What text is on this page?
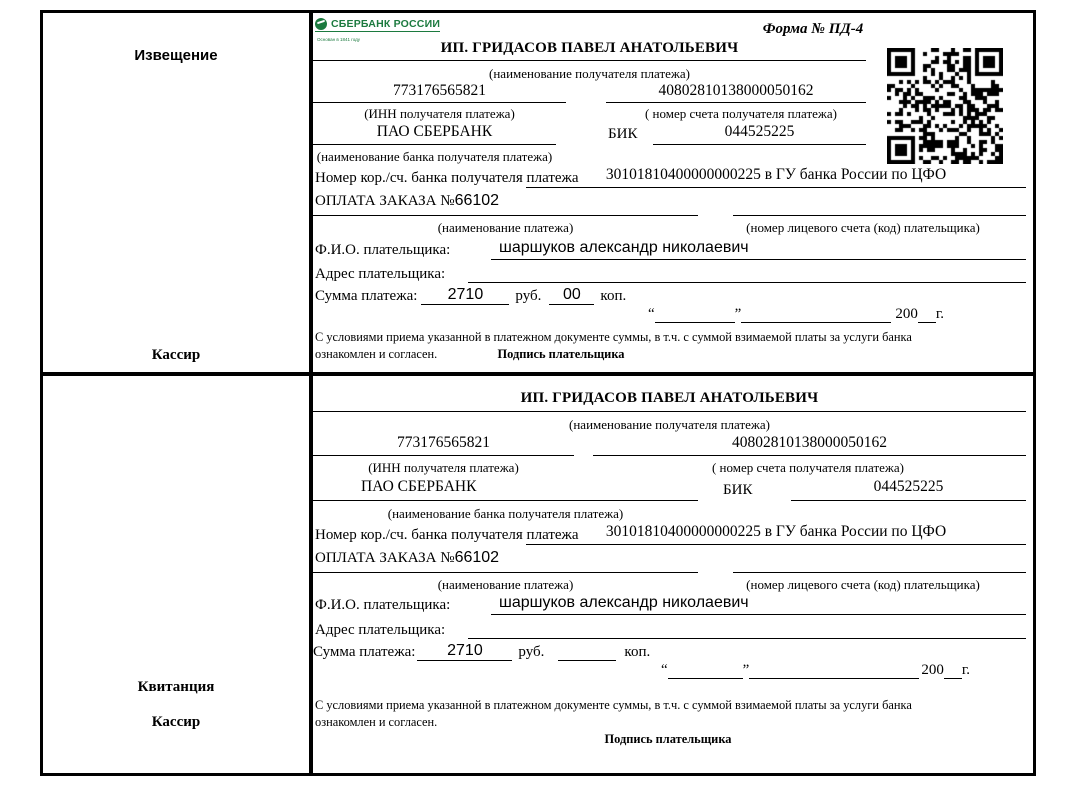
Извещение
Кассир
СБЕРБАНК РОССИИ
Основан в 1841 году
Форма № ПД-4
ИП. ГРИДАСОВ ПАВЕЛ АНАТОЛЬЕВИЧ
(наименование получателя платежа)
773176565821	40802810138000050162
(ИНН получателя платежа)	( номер счета получателя платежа)
ПАО СБЕРБАНК	БИК	044525225
(наименование банка получателя платежа)
Номер кор./сч. банка получателя платежа	30101810400000000225 в ГУ банка России по ЦФО
ОПЛАТА ЗАКАЗА №66102
(наименование платежа)	(номер лицевого счета (код) плательщика)
Ф.И.О. плательщика:	шаршуков александр николаевич
Адрес плательщика:
Сумма платежа:	2710	руб.	00	коп.
“	”	200 г.
С условиями приема указанной в платежном документе суммы, в т.ч. с суммой взимаемой платы за услуги банка
ознакомлен и согласен.	Подпись плательщика
Квитанция
Кассир
ИП. ГРИДАСОВ ПАВЕЛ АНАТОЛЬЕВИЧ
(наименование получателя платежа)
773176565821	40802810138000050162
(ИНН получателя платежа)	( номер счета получателя платежа)
ПАО СБЕРБАНК	БИК	044525225
(наименование банка получателя платежа)
Номер кор./сч. банка получателя платежа	30101810400000000225 в ГУ банка России по ЦФО
ОПЛАТА ЗАКАЗА №66102
(наименование платежа)	(номер лицевого счета (код) плательщика)
Ф.И.О. плательщика:	шаршуков александр николаевич
Адрес плательщика:
Сумма платежа:	2710	руб.	коп.
“	”	200 г.
С условиями приема указанной в платежном документе суммы, в т.ч. с суммой взимаемой платы за услуги банка
ознакомлен и согласен.
Подпись плательщика
